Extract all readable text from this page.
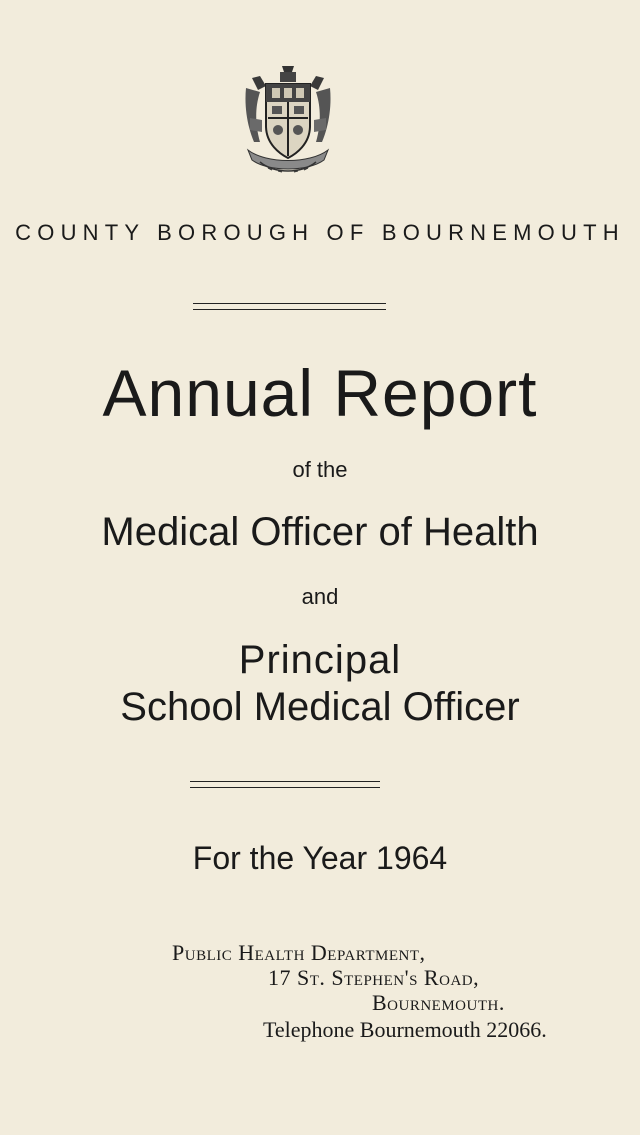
COUNTY BOROUGH OF BOURNEMOUTH
Annual Report
of the
Medical Officer of Health
and
Principal
School Medical Officer
For the Year 1964
Public Health Department,
17 St. Stephen's Road,
Bournemouth.
Telephone Bournemouth 22066.
